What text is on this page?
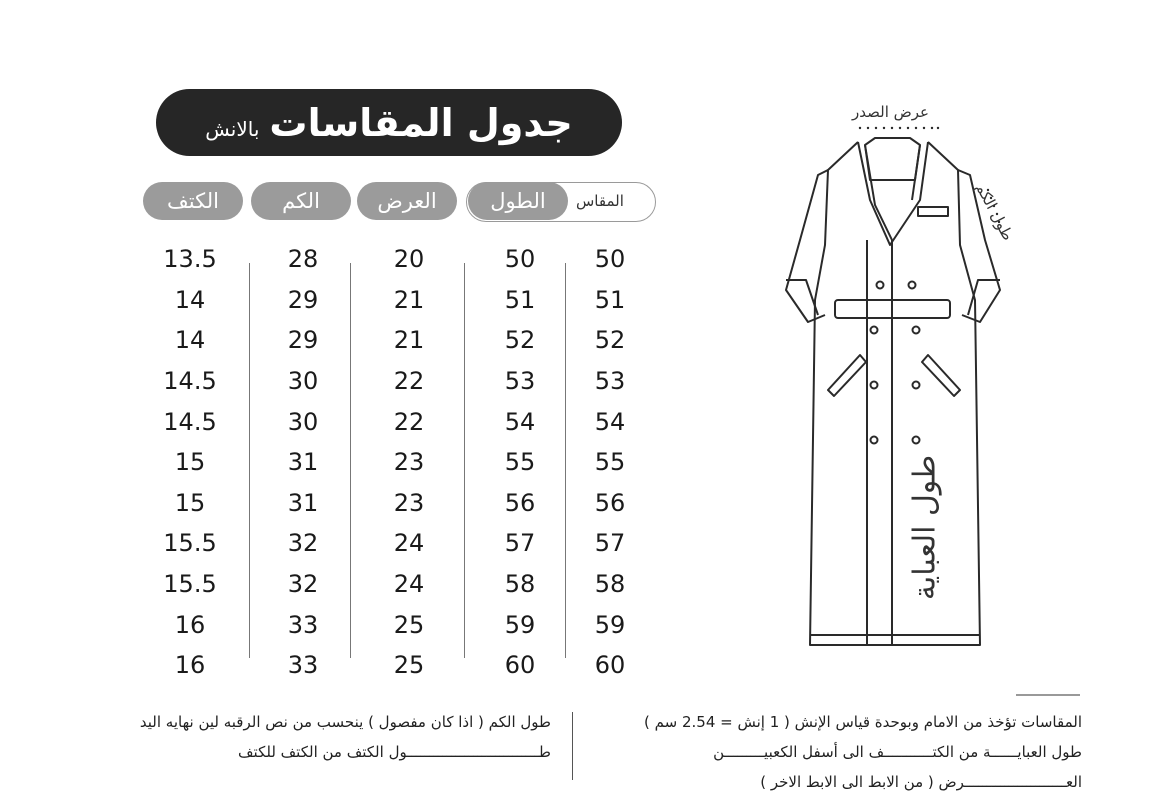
جدول المقاسات
بالانش
المقاس
الطول
العرض
الكم
الكتف
50
51
52
53
54
55
56
57
58
59
60
50
51
52
53
54
55
56
57
58
59
60
20
21
21
22
22
23
23
24
24
25
25
28
29
29
30
30
31
31
32
32
33
33
13.5
14
14
14.5
14.5
15
15
15.5
15.5
16
16
عرض الصدر
طول الكم
طول العباية
المقاسات تؤخذ من الامام وبوحدة قياس الإنش ( 1 إنش = 2.54 سم )
طول العبايــــــة من الكتـــــــــــف الى أسفل الكعبيـــــــــن
العـــــــــــــــــــــــرض ( من الابط الى الابط الاخر )
طول الكم ( اذا كان مفصول ) ينحسب من نص الرقبه لين نهايه اليد
طــــــــــــــــــــــــــــــول الكتف من الكتف للكتف
